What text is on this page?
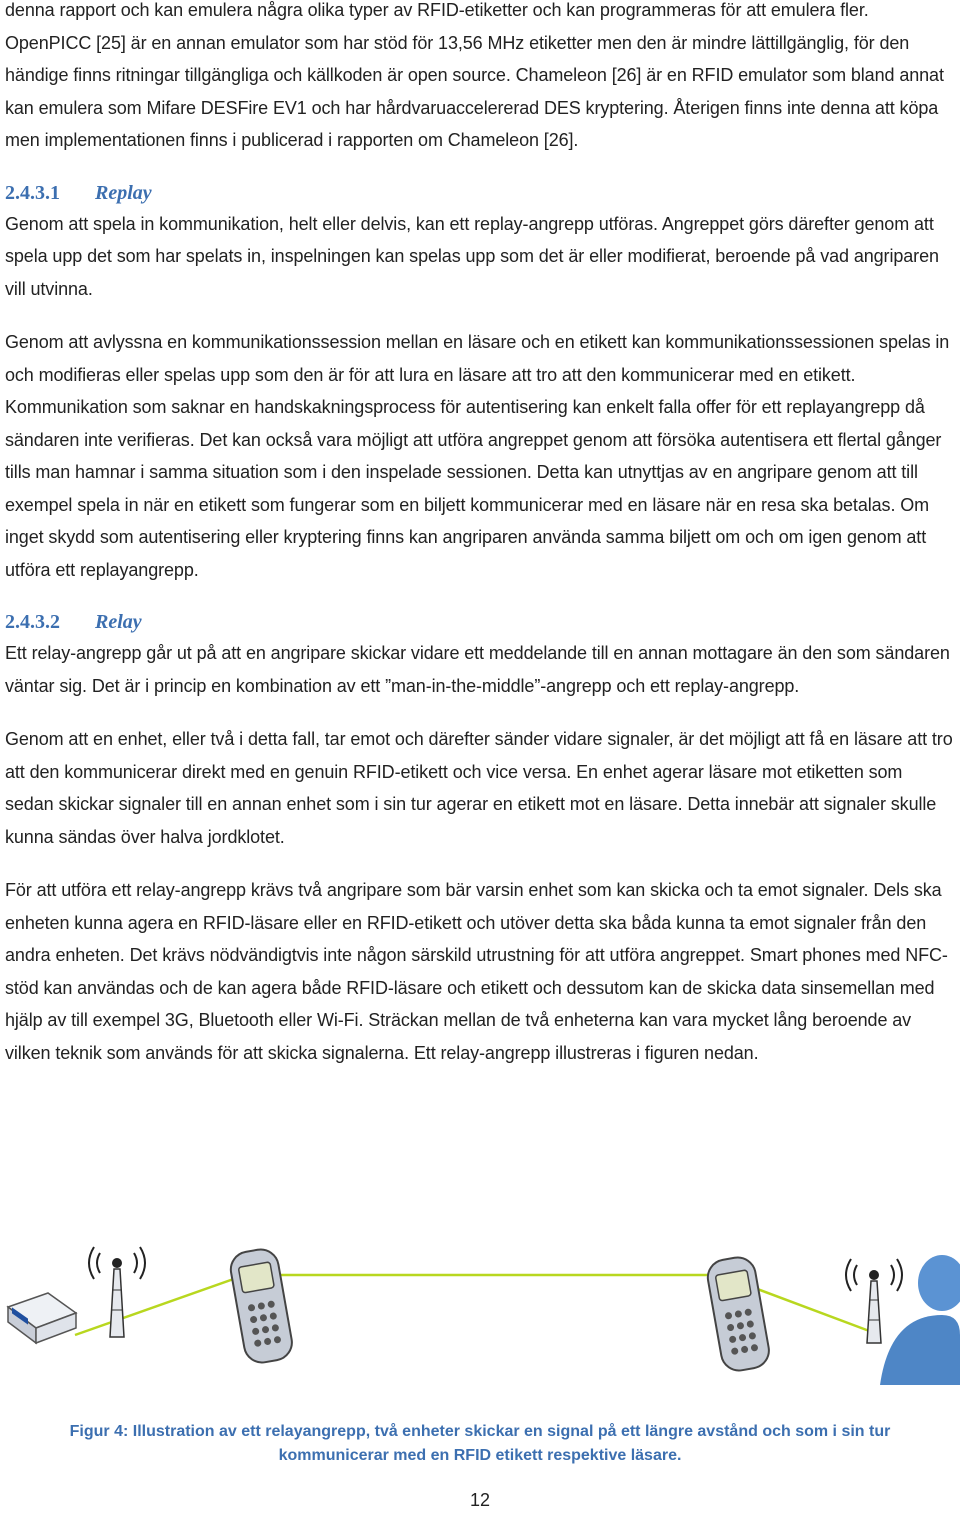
denna rapport och kan emulera några olika typer av RFID-etiketter och kan programmeras för att emulera fler. OpenPICC [25] är en annan emulator som har stöd för 13,56 MHz etiketter men den är mindre lättillgänglig, för den händige finns ritningar tillgängliga och källkoden är open source. Chameleon [26] är en RFID emulator som bland annat kan emulera som Mifare DESFire EV1 och har hårdvaruaccelererad DES kryptering. Återigen finns inte denna att köpa men implementationen finns i publicerad i rapporten om Chameleon [26].

2.4.3.1 Replay

Genom att spela in kommunikation, helt eller delvis, kan ett replay-angrepp utföras. Angreppet görs därefter genom att spela upp det som har spelats in, inspelningen kan spelas upp som det är eller modifierat, beroende på vad angriparen vill utvinna.

Genom att avlyssna en kommunikationssession mellan en läsare och en etikett kan kommunikationssessionen spelas in och modifieras eller spelas upp som den är för att lura en läsare att tro att den kommunicerar med en etikett. Kommunikation som saknar en handskakningsprocess för autentisering kan enkelt falla offer för ett replayangrepp då sändaren inte verifieras. Det kan också vara möjligt att utföra angreppet genom att försöka autentisera ett flertal gånger tills man hamnar i samma situation som i den inspelade sessionen. Detta kan utnyttjas av en angripare genom att till exempel spela in när en etikett som fungerar som en biljett kommunicerar med en läsare när en resa ska betalas. Om inget skydd som autentisering eller kryptering finns kan angriparen använda samma biljett om och om igen genom att utföra ett replayangrepp.

2.4.3.2 Relay

Ett relay-angrepp går ut på att en angripare skickar vidare ett meddelande till en annan mottagare än den som sändaren väntar sig. Det är i princip en kombination av ett ”man-in-the-middle”-angrepp och ett replay-angrepp.

Genom att en enhet, eller två i detta fall, tar emot och därefter sänder vidare signaler, är det möjligt att få en läsare att tro att den kommunicerar direkt med en genuin RFID-etikett och vice versa. En enhet agerar läsare mot etiketten som sedan skickar signaler till en annan enhet som i sin tur agerar en etikett mot en läsare. Detta innebär att signaler skulle kunna sändas över halva jordklotet.

För att utföra ett relay-angrepp krävs två angripare som bär varsin enhet som kan skicka och ta emot signaler. Dels ska enheten kunna agera en RFID-läsare eller en RFID-etikett och utöver detta ska båda kunna ta emot signaler från den andra enheten. Det krävs nödvändigtvis inte någon särskild utrustning för att utföra angreppet. Smart phones med NFC-stöd kan användas och de kan agera både RFID-läsare och etikett och dessutom kan de skicka data sinsemellan med hjälp av till exempel 3G, Bluetooth eller Wi-Fi. Sträckan mellan de två enheterna kan vara mycket lång beroende av vilken teknik som används för att skicka signalerna. Ett relay-angrepp illustreras i figuren nedan.

Figur 4: Illustration av ett relayangrepp, två enheter skickar en signal på ett längre avstånd och som i sin tur kommunicerar med en RFID etikett respektive läsare.
12
